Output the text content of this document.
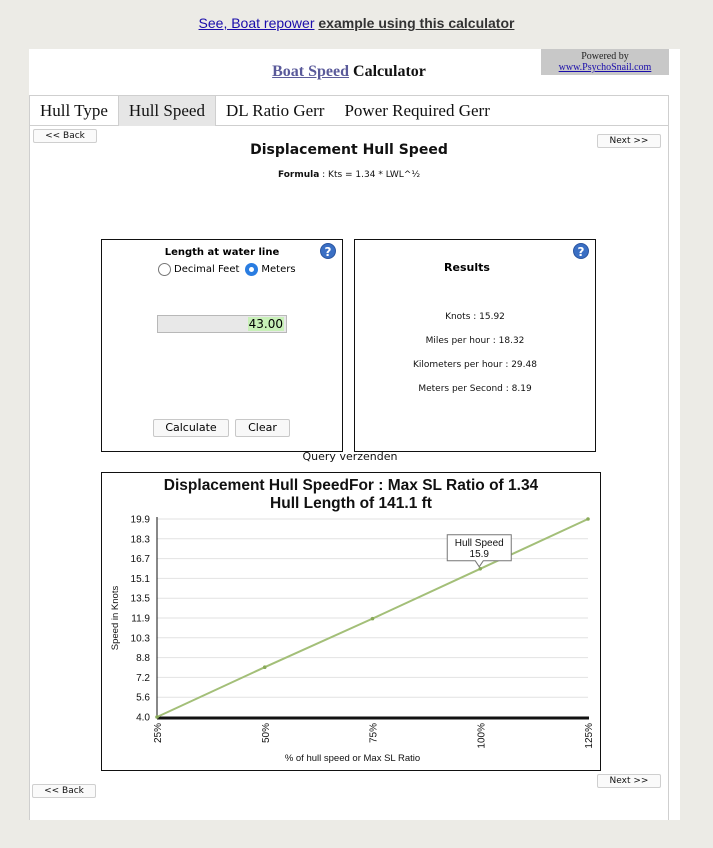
See, Boat repower example using this calculator
Powered by
www.PsychoSnail.com
Boat Speed Calculator
Hull Type	Hull Speed	DL Ratio Gerr	Power Required Gerr
<< Back	Next >>
Displacement Hull Speed
Formula : Kts = 1.34 * LWL^½
Length at water line	?
Decimal Feet Meters
43.00
Calculate	Clear
Results
?
Knots : 15.92
Miles per hour : 18.32
Kilometers per hour : 29.48
Meters per Second : 8.19
Query verzenden
Displacement Hull SpeedFor : Max SL Ratio of 1.34
Hull Length of 141.1 ft
4.0
5.6
7.2
8.8
10.3
11.9
13.5
15.1
16.7
18.3
19.9
25%	50%	75%	100%	125%
Speed in Knots
% of hull speed or Max SL Ratio
Hull Speed
15.9
Next >>
<< Back
